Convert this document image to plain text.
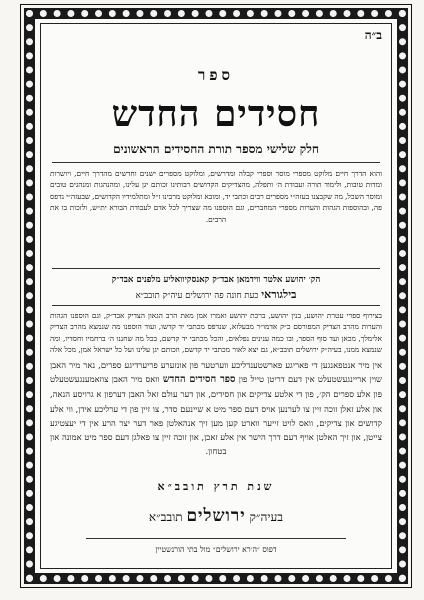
ב״ה
ספר
חסידים החדש
חלק שלישי מספר תורת החסידים הראשונים
והוא הדרך חיים מלוקט מספרי מוסר וספרי קבלה ומדרשים, ומלוקט מספרים ישנים וחדשים מהדרך חיים, ויושרות ומדות טובות, ולימוד תורה ועבודת ה׳ ותפלה, מהצדיקים הקדושים רבותינו זכותם יגן עלינו, ומהנהגות ומנהגים טובים ומוסר השכל, מה שקבצנו בעזה״י מספרים רבים וכתבי יד, ומובא ומלוקט מרבינו ז״ל ומתלמידיו הקדושים, שבעזה״י נדפס פה, ובהוספות הגהות והערות מספרי המחברים, וגם הוספנו מה שצריך לכל אדם לעבודת הבורא ית״ש, ולזכות בו את הרבים.
הק׳ יהושע אלטר ווידמאן אבד״ק קאנסקיוואליע מלפנים אבד״ק
בילגוראי כעת חונה פה ירושלים עיה״ק תובב״א
בצירוף ספרי עטרת יהושע, בנין יהושע, ברכת יהושע ואמרו אמן מאת הרב הגאון הצדיק אבד״ק, וגם הוספנו הגהות והערות מהרב הצדיק המפורסם כ״ק אדמו״ר מבעלזא, שנדפס מכתבי יד קדשו, ועוד הוספנו מה שנמצא מהרב הצדיק אלימלך, מכאן ועד סוף הספר, ובו כמה ענינים נפלאים, והכל מכתבי יד קדשם, בכל מה שחננו ה׳ ברחמיו וחסדיו, ומה שנמצא ממנו, בעיה״ק ירושלים תובב״א, גם יצא לאור מכתבי יד קדשם, וזכותם יגן עלינו ועל כל ישראל אמן, מכל אלה
אין מיר אנטפאנגען די פאריגע פארשטענדליכע ווערטער פון אונזערע פריערדיגע ספרים, נאר מיר האבן שוין אריינגעשטעלט אין דעם דריטן טייל פון ספר חסידים החדש וואס מיר האבן צוזאמענגעשטעלט פון אלע ספרים הק׳, פון די אלטע צדיקים און חסידים, און דער עולם זאל האבן דערפון א גרויסע הנאה, און אלע זאלן זוכה זיין צו לערנען אויס דעם ספר מיט א שיינעם סדר, צו זיין פון די ערליכע אידן, ווי אלע קדושים און צדיקים, וואס לויט זייער ווארט קען מען זיך אנהאלטן פאר דער יצר הרע אין די יעצטיגע צייטן, און זיך האלטן אויף דעם דרך הישר אין אלע זאכן, און זוכה זיין צו פאלגן דעם ספר מיט אמונה און בטחון.
שנת תרץ תובב״א
בעיה״ק ירושלים תובב״א
דפוס ״ה׳רא ירושלים״ מול בתי הורנשטיין
